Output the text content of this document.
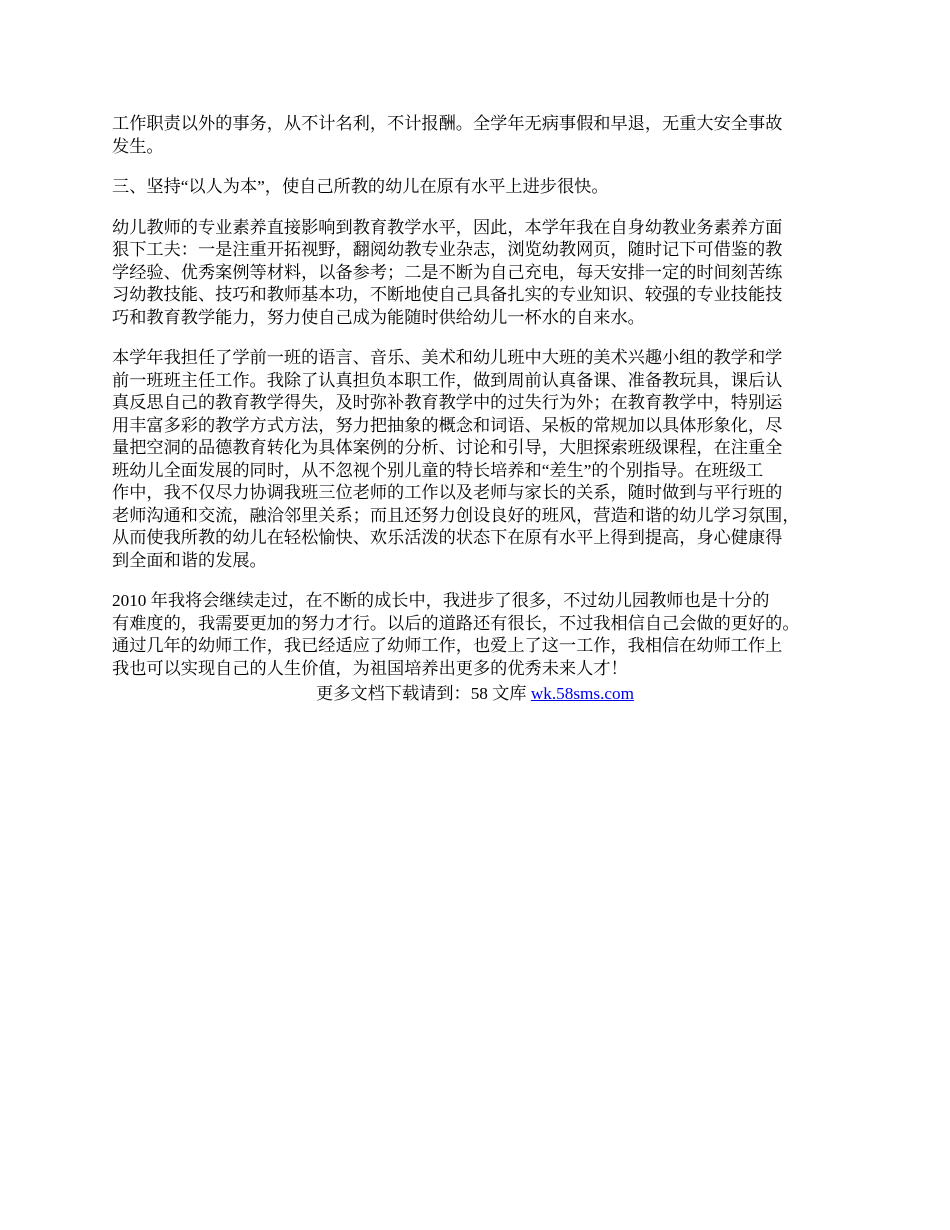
工作职责以外的事务，从不计名利，不计报酬。全学年无病事假和早退，无重大安全事故
发生。
三、坚持“以人为本”，使自己所教的幼儿在原有水平上进步很快。
幼儿教师的专业素养直接影响到教育教学水平，因此，本学年我在自身幼教业务素养方面
狠下工夫：一是注重开拓视野，翻阅幼教专业杂志，浏览幼教网页，随时记下可借鉴的教
学经验、优秀案例等材料，以备参考；二是不断为自己充电，每天安排一定的时间刻苦练
习幼教技能、技巧和教师基本功，不断地使自己具备扎实的专业知识、较强的专业技能技
巧和教育教学能力，努力使自己成为能随时供给幼儿一杯水的自来水。
本学年我担任了学前一班的语言、音乐、美术和幼儿班中大班的美术兴趣小组的教学和学
前一班班主任工作。我除了认真担负本职工作，做到周前认真备课、准备教玩具，课后认
真反思自己的教育教学得失，及时弥补教育教学中的过失行为外；在教育教学中，特别运
用丰富多彩的教学方式方法，努力把抽象的概念和词语、呆板的常规加以具体形象化，尽
量把空洞的品德教育转化为具体案例的分析、讨论和引导，大胆探索班级课程，在注重全
班幼儿全面发展的同时，从不忽视个别儿童的特长培养和“差生”的个别指导。在班级工
作中，我不仅尽力协调我班三位老师的工作以及老师与家长的关系，随时做到与平行班的
老师沟通和交流，融洽邻里关系；而且还努力创设良好的班风，营造和谐的幼儿学习氛围，
从而使我所教的幼儿在轻松愉快、欢乐活泼的状态下在原有水平上得到提高，身心健康得
到全面和谐的发展。
2010 年我将会继续走过，在不断的成长中，我进步了很多，不过幼儿园教师也是十分的
有难度的，我需要更加的努力才行。以后的道路还有很长，不过我相信自己会做的更好的。
通过几年的幼师工作，我已经适应了幼师工作，也爱上了这一工作，我相信在幼师工作上
我也可以实现自己的人生价值，为祖国培养出更多的优秀未来人才！
更多文档下载请到：58 文库 wk.58sms.com
